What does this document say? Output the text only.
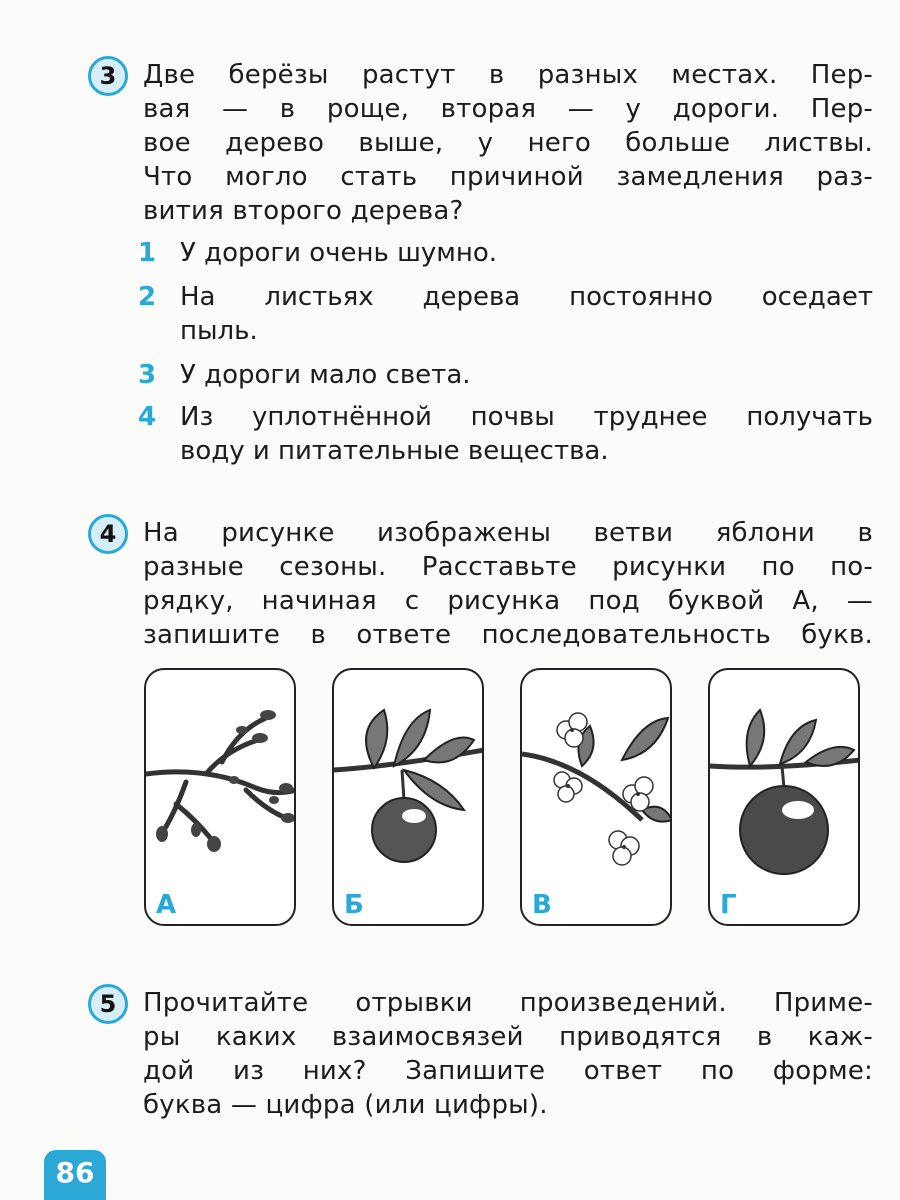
3	Две берёзы растут в разных местах. Пер-
вая — в роще, вторая — у дороги. Пер-
вое дерево выше, у него больше листвы.
Что могло стать причиной замедления раз-
вития второго дерева?
1 У дороги очень шумно.
2 На листьях дерева постоянно оседает
пыль.
3 У дороги мало света.
4 Из уплотнённой почвы труднее получать
воду и питательные вещества.
4	На рисунке изображены ветви яблони в
разные сезоны. Расставьте рисунки по по-
рядку, начиная с рисунка под буквой А, —
запишите в ответе последовательность букв.
А	Б	В	Г
5	Прочитайте отрывки произведений. Приме-
ры каких взаимосвязей приводятся в каж-
дой из них? Запишите ответ по форме:
буква — цифра (или цифры).
86
